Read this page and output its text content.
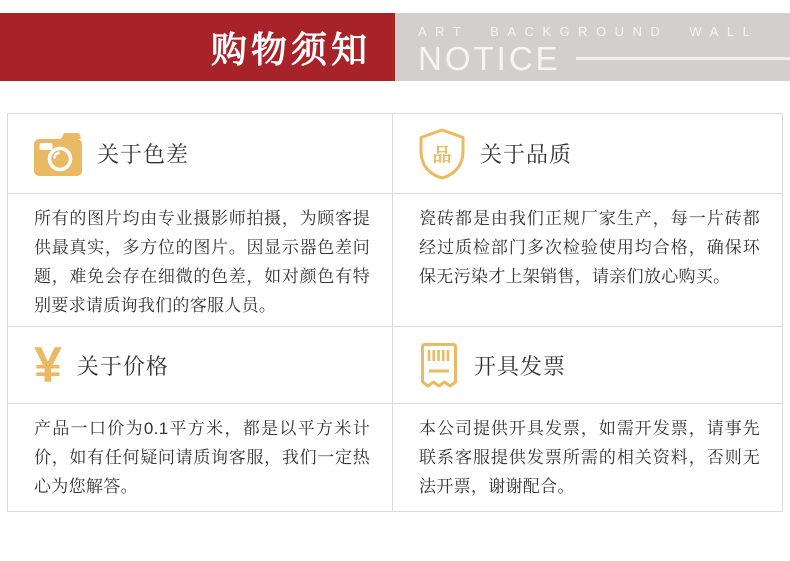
购物须知	ART BACKGROUND WALL
NOTICE
关于色差

所有的图片均由专业摄影师拍摄，为顾客提供最真实，多方位的图片。因显示器色差问题，难免会存在细微的色差，如对颜色有特别要求请质询我们的客服人员。

品 关于品质

瓷砖都是由我们正规厂家生产，每一片砖都经过质检部门多次检验使用均合格，确保环保无污染才上架销售，请亲们放心购买。

¥ 关于价格

产品一口价为0.1平方米，都是以平方米计价，如有任何疑问请质询客服，我们一定热心为您解答。

开具发票

本公司提供开具发票，如需开发票，请事先联系客服提供发票所需的相关资料，否则无法开票，谢谢配合。
